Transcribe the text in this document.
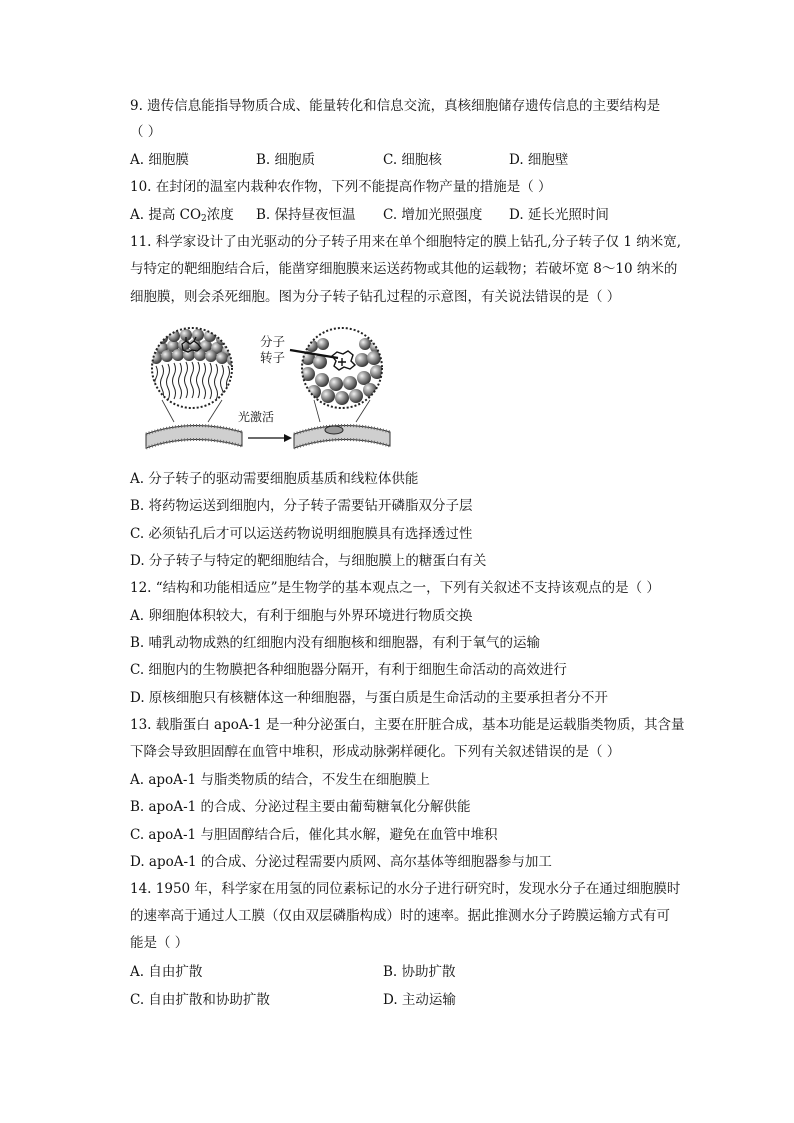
9. 遗传信息能指导物质合成、能量转化和信息交流，真核细胞储存遗传信息的主要结构是
（ ）
A. 细胞膜	B. 细胞质	C. 细胞核	D. 细胞壁
10. 在封闭的温室内栽种农作物，下列不能提高作物产量的措施是（ ）
A. 提高 $CO_2$浓度 B. 保持昼夜恒温 C. 增加光照强度 D. 延长光照时间
11. 科学家设计了由光驱动的分子转子用来在单个细胞特定的膜上钻孔,分子转子仅 1 纳米宽,
与特定的靶细胞结合后，能凿穿细胞膜来运送药物或其他的运载物；若破坏宽 8～10 纳米的
细胞膜，则会杀死细胞。图为分子转子钻孔过程的示意图，有关说法错误的是（ ）
分子
转子
光激活
A. 分子转子的驱动需要细胞质基质和线粒体供能
B. 将药物运送到细胞内，分子转子需要钻开磷脂双分子层
C. 必须钻孔后才可以运送药物说明细胞膜具有选择透过性
D. 分子转子与特定的靶细胞结合，与细胞膜上的糖蛋白有关
12. “结构和功能相适应”是生物学的基本观点之一，下列有关叙述不支持该观点的是（ ）
A. 卵细胞体积较大，有利于细胞与外界环境进行物质交换
B. 哺乳动物成熟的红细胞内没有细胞核和细胞器，有利于氧气的运输
C. 细胞内的生物膜把各种细胞器分隔开，有利于细胞生命活动的高效进行
D. 原核细胞只有核糖体这一种细胞器，与蛋白质是生命活动的主要承担者分不开
13. 载脂蛋白 apoA-1 是一种分泌蛋白，主要在肝脏合成，基本功能是运载脂类物质，其含量
下降会导致胆固醇在血管中堆积，形成动脉粥样硬化。下列有关叙述错误的是（ ）
A. apoA-1 与脂类物质的结合，不发生在细胞膜上
B. apoA-1 的合成、分泌过程主要由葡萄糖氧化分解供能
C. apoA-1 与胆固醇结合后，催化其水解，避免在血管中堆积
D. apoA-1 的合成、分泌过程需要内质网、高尔基体等细胞器参与加工
14. 1950 年，科学家在用氢的同位素标记的水分子进行研究时，发现水分子在通过细胞膜时
的速率高于通过人工膜（仅由双层磷脂构成）时的速率。据此推测水分子跨膜运输方式有可
能是（ ）
A. 自由扩散	B. 协助扩散
C. 自由扩散和协助扩散	D. 主动运输
